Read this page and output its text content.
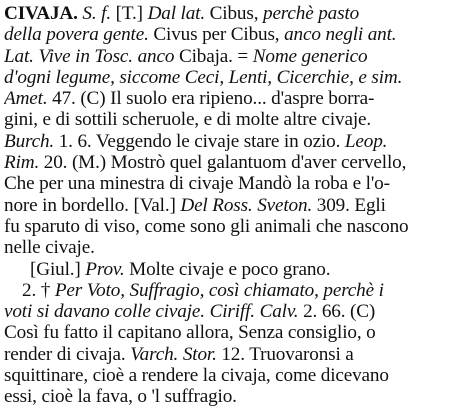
CIVAJA. S. f. [T.] Dal lat. Cibus, perchè pasto
della povera gente. Civus per Cibus, anco negli ant.
Lat. Vive in Tosc. anco Cibaja. = Nome generico
d'ogni legume, siccome Ceci, Lenti, Cicerchie, e sim.
Amet. 47. (C) Il suolo era ripieno... d'aspre borra-
gini, e di sottili scheruole, e di molte altre civaje.
Burch. 1. 6. Veggendo le civaje stare in ozio. Leop.
Rim. 20. (M.) Mostrò quel galantuom d'aver cervello,
Che per una minestra di civaje Mandò la roba e l'o-
nore in bordello. [Val.] Del Ross. Sveton. 309. Egli
fu sparuto di viso, come sono gli animali che nascono
nelle civaje.
[Giul.] Prov. Molte civaje e poco grano.
2. † Per Voto, Suffragio, così chiamato, perchè i
voti si davano colle civaje. Ciriff. Calv. 2. 66. (C)
Così fu fatto il capitano allora, Senza consiglio, o
render di civaja. Varch. Stor. 12. Truovaronsi a
squittinare, cioè a rendere la civaja, come dicevano
essi, cioè la fava, o 'l suffragio.
